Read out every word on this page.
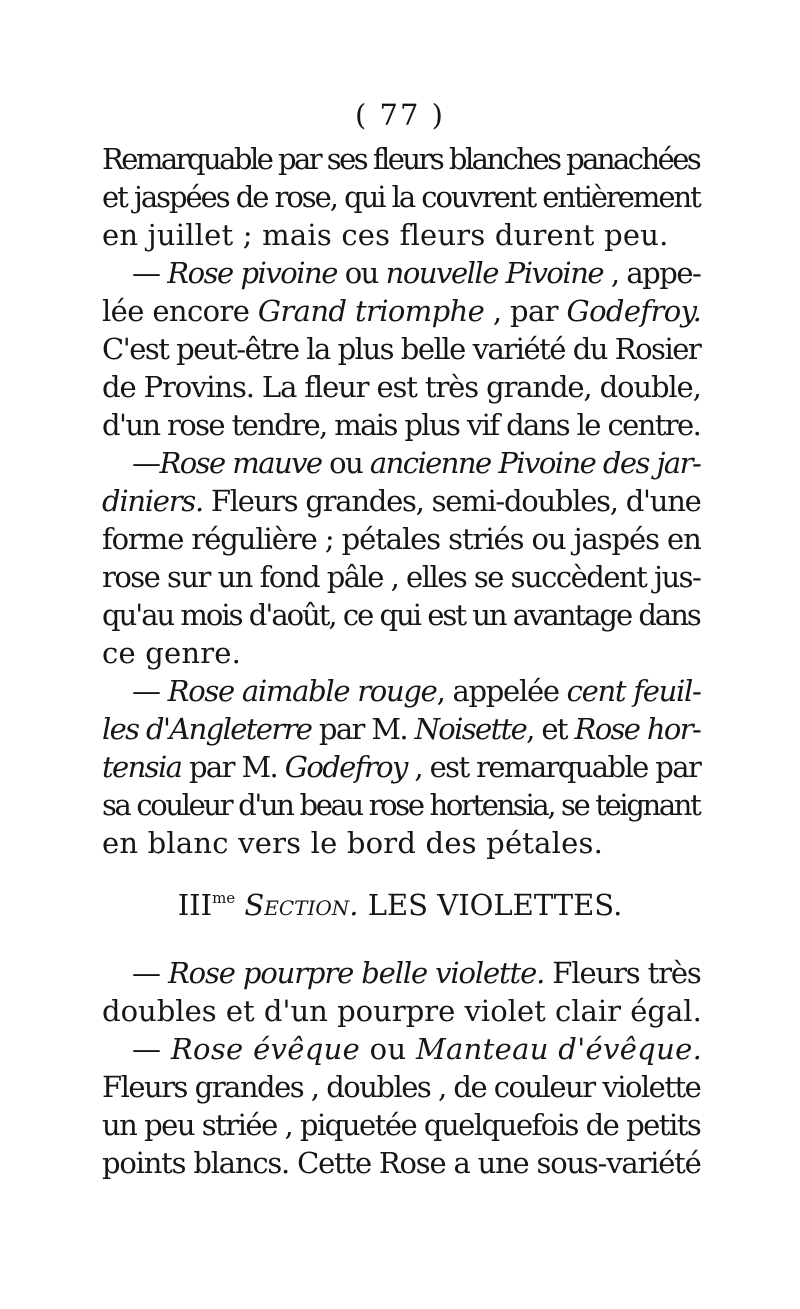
( 77 )
Remarquable par ses fleurs blanches panachées
et jaspées de rose, qui la couvrent entièrement
en juillet ; mais ces fleurs durent peu.
— Rose pivoine ou nouvelle Pivoine , appe-
lée encore Grand triomphe , par Godefroy.
C'est peut-être la plus belle variété du Rosier
de Provins. La fleur est très grande, double,
d'un rose tendre, mais plus vif dans le centre.
—Rose mauve ou ancienne Pivoine des jar-
diniers. Fleurs grandes, semi-doubles, d'une
forme régulière ; pétales striés ou jaspés en
rose sur un fond pâle , elles se succèdent jus-
qu'au mois d'août, ce qui est un avantage dans
ce genre.
— Rose aimable rouge, appelée cent feuil-
les d'Angleterre par M. Noisette, et Rose hor-
tensia par M. Godefroy , est remarquable par
sa couleur d'un beau rose hortensia, se teignant
en blanc vers le bord des pétales.
$III^{me}$ Section. LES VIOLETTES.
— Rose pourpre belle violette. Fleurs très
doubles et d'un pourpre violet clair égal.
— Rose évêque ou Manteau d'évêque.
Fleurs grandes , doubles , de couleur violette
un peu striée , piquetée quelquefois de petits
points blancs. Cette Rose a une sous-variété
